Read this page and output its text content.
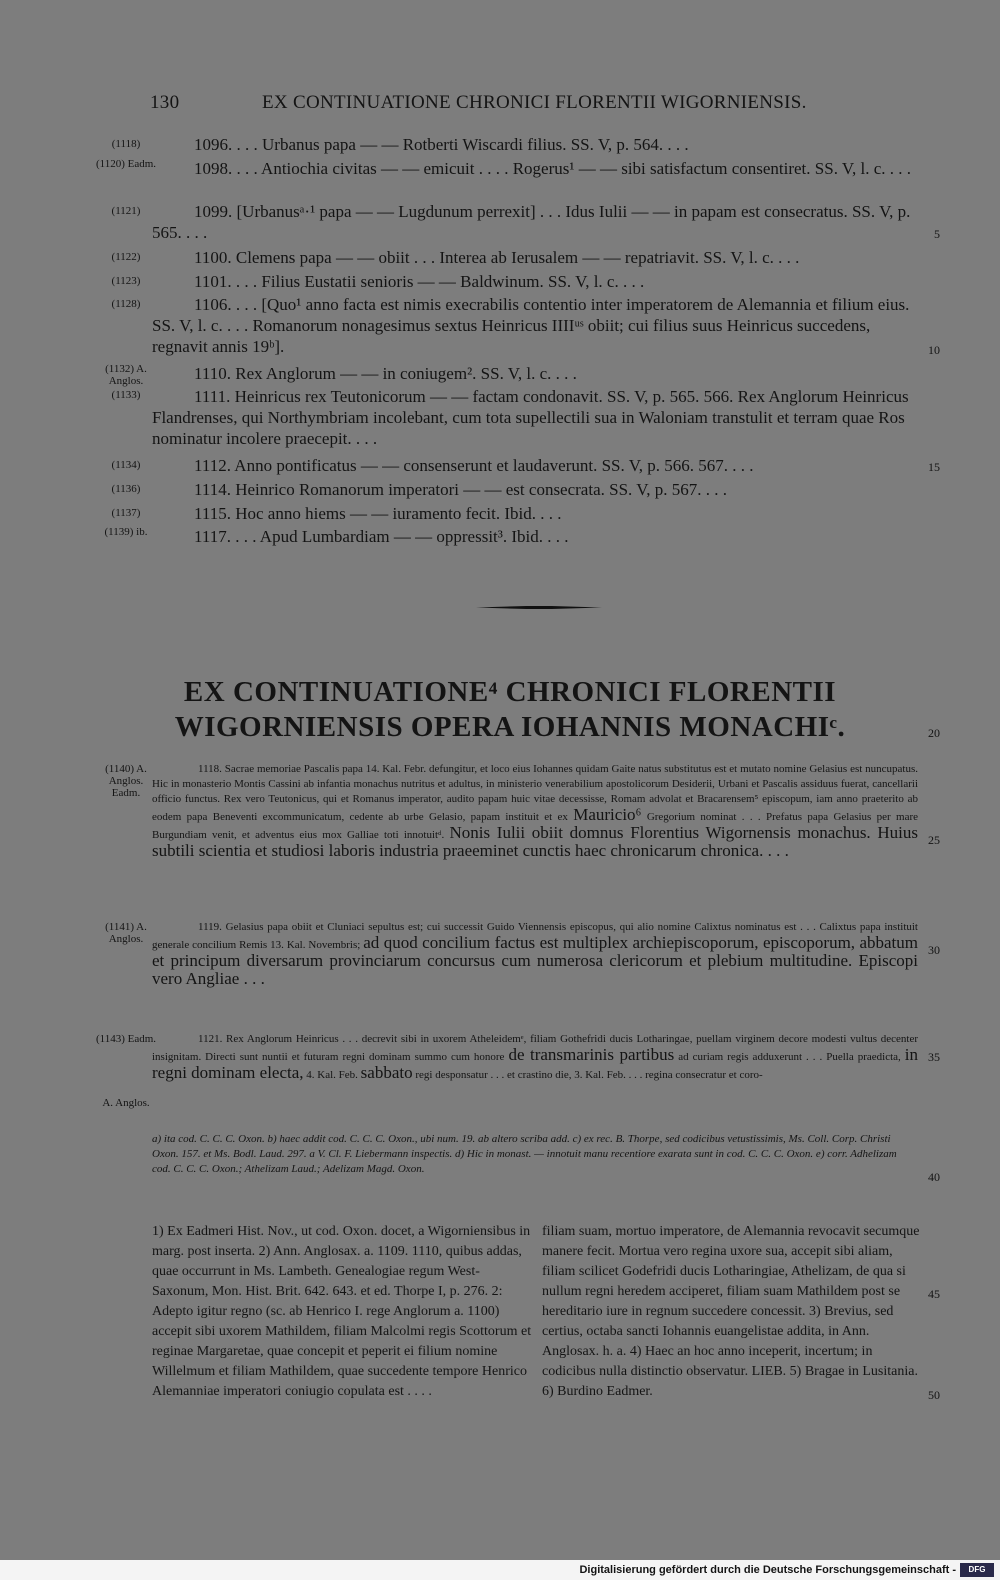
130	EX CONTINUATIONE CHRONICI FLORENTII WIGORNIENSIS.
(1118)	1096. . . . Urbanus papa — — Rotberti Wiscardi filius. SS. V, p. 564. . . .
(1120) Eadm.	1098. . . . Antiochia civitas — — emicuit . . . . Rogerus¹ — — sibi satisfactum consentiret. SS. V, l. c. . . .
(1121)	1099. [Urbanusᵃ·¹ papa — — Lugdunum perrexit] . . . Idus Iulii — — in papam est consecratus. SS. V, p. 565. . . .
(1122)	1100. Clemens papa — — obiit . . . Interea ab Ierusalem — — repatriavit. SS. V, l. c. . . .
(1123)	1101. . . . Filius Eustatii senioris — — Baldwinum. SS. V, l. c. . . .
(1128)	1106. . . . [Quo¹ anno facta est nimis execrabilis contentio inter imperatorem de Alemannia et filium eius. SS. V, l. c. . . . Romanorum nonagesimus sextus Heinricus IIIIᵘˢ obiit; cui filius suus Heinricus succedens, regnavit annis 19ᵇ].
(1132) A. Anglos.	1110. Rex Anglorum — — in coniugem². SS. V, l. c. . . .
(1133)	1111. Heinricus rex Teutonicorum — — factam condonavit. SS. V, p. 565. 566. Rex Anglorum Heinricus Flandrenses, qui Northymbriam incolebant, cum tota supellectili sua in Waloniam transtulit et terram quae Ros nominatur incolere praecepit. . . .
(1134)	1112. Anno pontificatus — — consenserunt et laudaverunt. SS. V, p. 566. 567. . . .
(1136)	1114. Heinrico Romanorum imperatori — — est consecrata. SS. V, p. 567. . . .
(1137)	1115. Hoc anno hiems — — iuramento fecit. Ibid. . . .
(1139) ib.	1117. . . . Apud Lumbardiam — — oppressit³. Ibid. . . .
5
10
15
EX CONTINUATIONE⁴ CHRONICI FLORENTII
WIGORNIENSIS OPERA IOHANNIS MONACHIᶜ.	20
(1140) A. Anglos. Eadm.
1118. Sacrae memoriae Pascalis papa 14. Kal. Febr. defungitur, et loco eius Iohannes quidam Gaite natus substitutus est et mutato nomine Gelasius est nuncupatus. Hic in monasterio Montis Cassini ab infantia monachus nutritus et adultus, in ministerio venerabilium apostolicorum Desiderii, Urbani et Pascalis assiduus fuerat, cancellarii officio functus. Rex vero Teutonicus, qui et Romanus imperator, audito papam huic vitae decessisse, Romam advolat et Bracarensem⁵ episcopum, iam anno praeterito ab eodem papa Beneventi excommunicatum, cedente ab urbe Gelasio, papam instituit et ex Mauricio⁶ Gregorium nominat . . . Prefatus papa Gelasius per mare Burgundiam venit, et adventus eius mox Galliae toti innotuitᵈ. Nonis Iulii obiit domnus Florentius Wigornensis monachus. Huius subtili scientia et studiosi laboris industria praeeminet cunctis haec chronicarum chronica. . . .
25
(1141) A. Anglos.
1119. Gelasius papa obiit et Cluniaci sepultus est; cui successit Guido Viennensis episcopus, qui alio nomine Calixtus nominatus est . . . Calixtus papa instituit generale concilium Remis 13. Kal. Novembris; ad quod concilium factus est multiplex archiepiscoporum, episcoporum, abbatum et principum diversarum provinciarum concursus cum numerosa clericorum et plebium multitudine. Episcopi vero Angliae . . .
30
(1143) Eadm.
A. Anglos.
1121. Rex Anglorum Heinricus . . . decrevit sibi in uxorem Atheleidemᵉ, filiam Gothefridi ducis Lotharingae, puellam virginem decore modesti vultus decenter insignitam. Directi sunt nuntii et futuram regni dominam summo cum honore de transmarinis partibus ad curiam regis adduxerunt . . . Puella praedicta, in regni dominam electa, 4. Kal. Feb. sabbato regi desponsatur . . . et crastino die, 3. Kal. Feb. . . . regina consecratur et coro-
35
a) ita cod. C. C. C. Oxon. b) haec addit cod. C. C. C. Oxon., ubi num. 19. ab altero scriba add. c) ex rec. B. Thorpe, sed codicibus vetustissimis, Ms. Coll. Corp. Christi Oxon. 157. et Ms. Bodl. Laud. 297. a V. Cl. F. Liebermann inspectis. d) Hic in monast. — innotuit manu recentiore exarata sunt in cod. C. C. C. Oxon. e) corr. Adhelizam cod. C. C. C. Oxon.; Athelizam Laud.; Adelizam Magd. Oxon.
40
1) Ex Eadmeri Hist. Nov., ut cod. Oxon. docet, a Wigorniensibus in marg. post inserta. 2) Ann. Anglosax. a. 1109. 1110, quibus addas, quae occurrunt in Ms. Lambeth. Genealogiae regum West-Saxonum, Mon. Hist. Brit. 642. 643. et ed. Thorpe I, p. 276. 2: Adepto igitur regno (sc. ab Henrico I. rege Anglorum a. 1100) accepit sibi uxorem Mathildem, filiam Malcolmi regis Scottorum et reginae Margaretae, quae concepit et peperit ei filium nomine Willelmum et filiam Mathildem, quae succedente tempore Henrico Alemanniae imperatori coniugio copulata est . . . .
filiam suam, mortuo imperatore, de Alemannia revocavit secumque manere fecit. Mortua vero regina uxore sua, accepit sibi aliam, filiam scilicet Godefridi ducis Lotharingiae, Athelizam, de qua si nullum regni heredem acciperet, filiam suam Mathildem post se hereditario iure in regnum succedere concessit. 3) Brevius, sed certius, octaba sancti Iohannis euangelistae addita, in Ann. Anglosax. h. a. 4) Haec an hoc anno inceperit, incertum; in codicibus nulla distinctio observatur. LIEB. 5) Bragae in Lusitania. 6) Burdino Eadmer.
45
50
Digitalisierung gefördert durch die Deutsche Forschungsgemeinschaft -	DFG
